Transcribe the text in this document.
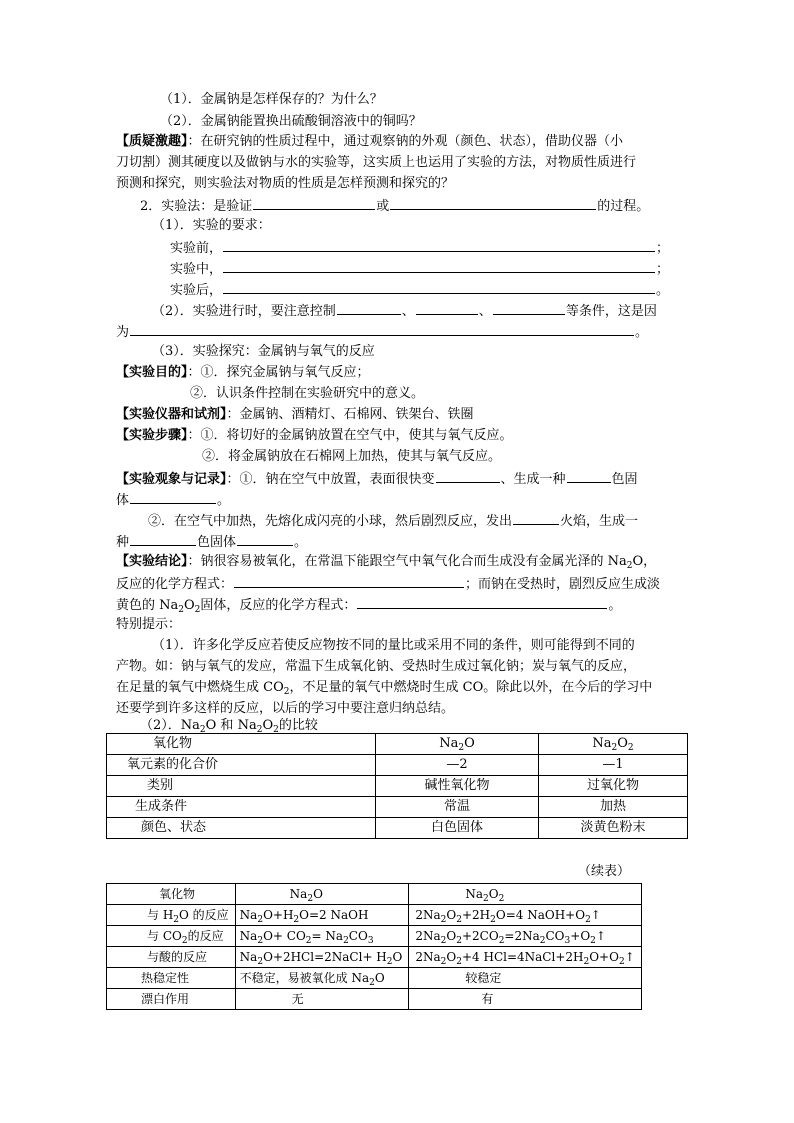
（1）．金属钠是怎样保存的？为什么？
（2）．金属钠能置换出硫酸铜溶液中的铜吗？
【质疑激趣】：在研究钠的性质过程中，通过观察钠的外观（颜色、状态），借助仪器（小
刀切割）测其硬度以及做钠与水的实验等，这实质上也运用了实验的方法，对物质性质进行
预测和探究，则实验法对物质的性质是怎样预测和探究的？
2．实验法：是验证	或	的过程。
（1）．实验的要求：
实验前，	；
实验中，	；
实验后，	。
（2）．实验进行时，要注意控制	、	、	等条件，这是因
为	。
（3）．实验探究：金属钠与氧气的反应
【实验目的】：①．探究金属钠与氧气反应；
②．认识条件控制在实验研究中的意义。
【实验仪器和试剂】：金属钠、酒精灯、石棉网、铁架台、铁圈
【实验步骤】：①．将切好的金属钠放置在空气中，使其与氧气反应。
②．将金属钠放在石棉网上加热，使其与氧气反应。
【实验观象与记录】：①．钠在空气中放置，表面很快变	、生成一种	色固
体	。
②．在空气中加热，先熔化成闪亮的小球，然后剧烈反应，发出	火焰，生成一
种	色固体	。
【实验结论】：钠很容易被氧化，在常温下能跟空气中氧气化合而生成没有金属光泽的 $Na_2O$，
反应的化学方程式：	；而钠在受热时，剧烈反应生成淡
黄色的 $Na_2O_2$固体，反应的化学方程式：	。
特别提示：
（1）．许多化学反应若使反应物按不同的量比或采用不同的条件，则可能得到不同的
产物。如：钠与氧气的发应，常温下生成氧化钠、受热时生成过氧化钠；炭与氧气的反应，
在足量的氧气中燃烧生成 $CO_2$，不足量的氧气中燃烧时生成 CO。除此以外，在今后的学习中
还要学到许多这样的反应，以后的学习中要注意归纳总结。
（2）．$Na_2O$ 和 $Na_2O_2$的比较
氧化物	$Na_2O$	$Na_2O_2$
氧元素的化合价	—2	—1
类别	碱性氧化物	过氧化物
生成条件	常温	加热
颜色、状态	白色固体	淡黄色粉末
（续表）
氧化物	$Na_2O$	$Na_2O_2$
与 $H_2O$ 的反应	$Na_2O+H_2O=2$ NaOH	$2Na_2O_2+2H_2O=4$ $NaOH+O_2↑$
与 $CO_2$的反应	$Na_2O+ CO_2= Na_2CO_3$	$2Na_2O_2+2CO_2=2Na_2CO_3+O_2↑$
与酸的反应	$Na_2O+2HCl=2NaCl+ H_2O$	$2Na_2O_2+4$ $HCl=4NaCl+2H_2O+O_2↑$
热稳定性	不稳定，易被氧化成 $Na_2O$	较稳定
漂白作用	无	有
